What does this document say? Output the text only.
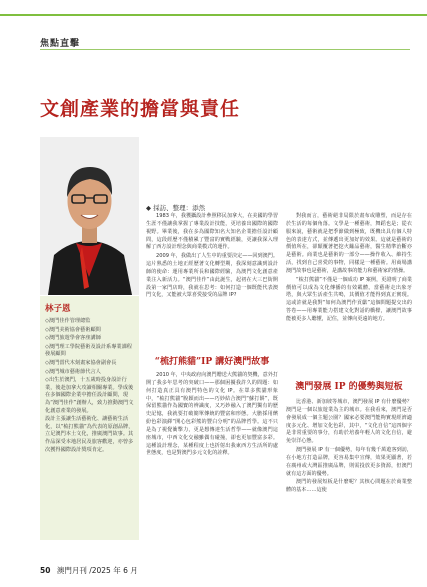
焦點直擊
文創產業的擔當與責任
林子恩
◇澳門佳作管理總監
◇澳門美術協會藝術顧問
◇澳門旅遊學會客座講師
◇澳門理工學院藝術及設計系專業課程發展顧問
◇澳門當代木刻畫家協會副會長
◇澳門城市藝術節代言人
◇出生於澳門，十五歲時投身設計行業，後赴加拿大攻讀相關專業。學成後在多個國際企業中擔任設計顧問，現為“澳門佳作”創辦人，致力推動澳門文化創意產業的發展。
設計主張讓生活藝術化、讓藝術生活化，以“梳打熊貓”為代表的原創品牌，立足澳門本土文化，推廣澳門故事。其作品深受本地居民及旅客歡迎，亦曾多次獲得國際設計獎項肯定。
◆ 採訪、整理：添然

1983 年，我獲攝設計參照移民加拿大，在美國的學習生涯不僅讓我掌握了專業設計技能，更培養出國際的國際視野。畢業後，我在多為國際知名大知名企業擔任設計顧問，這段經歷不僅積累了豐富的實戰經驗，更讓我深入理解了西方設計理念與商業模式的運作。

2009 年，我做出了人生中的重要決定——回到澳門。這片熟悉的土地正經歷著文化轉型期，我深刻意識到設計師的使命：運用專業所長和國際經驗，為澳門文化創意產業注入新活力。“澳門佳作”由此誕生，起初在大三巴街開設第一家門店時，我就在思考：如何打造一個既能代表澳門文化，又能被大眾喜愛接受的品牌 IP?

“梳打熊貓”IP 講好澳門故事

2010 年，中央政府向澳門贈送大熊貓的契機，意外打開了我多年思考的突破口——那個困擾我許久的問題：如何打造真正具有澳門特色的文化 IP。在眾多熊貓形象中，“梳打熊貓”脫穎而出——巧妙結合澳門“蘇打餅”，既保留熊貓作為國寶的辨識度，又巧妙融入了澳門獨有的歷史記憶，我就要打破簡單傳統的豐富和形態。大膽採用繽紛色彩演繹“開心包彩熊的豐白分明”的品牌哲學。這不只是為了視覺衝擊力，更是想傳達生活哲學——就像澳門這座城市，中西文化交融雖偶有碰撞，卻也更加豐富多彩。這種設計理念，某種程度上也折射出我東西方生活所的處世態度，也是對澳門多元文化的詮釋。

對我而言，藝術絕非局限於畫布或雕塑，而是存在於生活的每個角落。文學是一種藝術，舞蹈也是；從衣服來說，藝術就是把季節做到極致，既機出具有個人特色的表達方式，並傳遞出更加好的效果。這就是藝術的價值所在，卻顛覆著把挖火籬品藝術，醫生精準治斷亦是藝術。商業也是藝術的一部分——操作收入、維持生活，找到自己喜愛的事物，同樣是一種藝術。用商場講澳門故事也是藝術，是講故事的能力和藝術家的情操。

“梳打熊貓”不僅是一個成功 IP 案例，更證明了商業價值可以成為文化傳播的有效載體。當藝術走出象牙塔，與大眾生活產生共鳴，其價值才能得到真正實現。這或許就是我對“如何為澳門作貢獻”這個問題提交出的答卷——用專業能力搭建文化對話的橋樑，讓澳門故事能被更多人聽懂，記住，並傳向更遠的地方。

澳門發展 IP 的優勢與短板

比香港、新加坡等城市，澳門發展 IP 有什麼優勢？澳門是一個以旅遊業為主的城市。在我看來，澳門是否會發展成一個主題公園？國家必要澳門能夠實現經濟適度多元化、增加文化色彩，其中，“文化自信”這四個字是非常重要的事分，有助於培養年輕人的文化自信，避免崇洋心態。

澳門發展 IP 有一個優勢，每年有幾千萬遊客到訪，在小地方打造品牌，更容易集中宣傳，效果更顯著，若在廣州或大灣區推廣品牌，則需投放更多資源，但澳門就有這方面的優勢。

澳門的發展短板是什麼呢？其核心問題在於商業整體的基本……這使

50 澳門月刊 /2025 年 6 月
